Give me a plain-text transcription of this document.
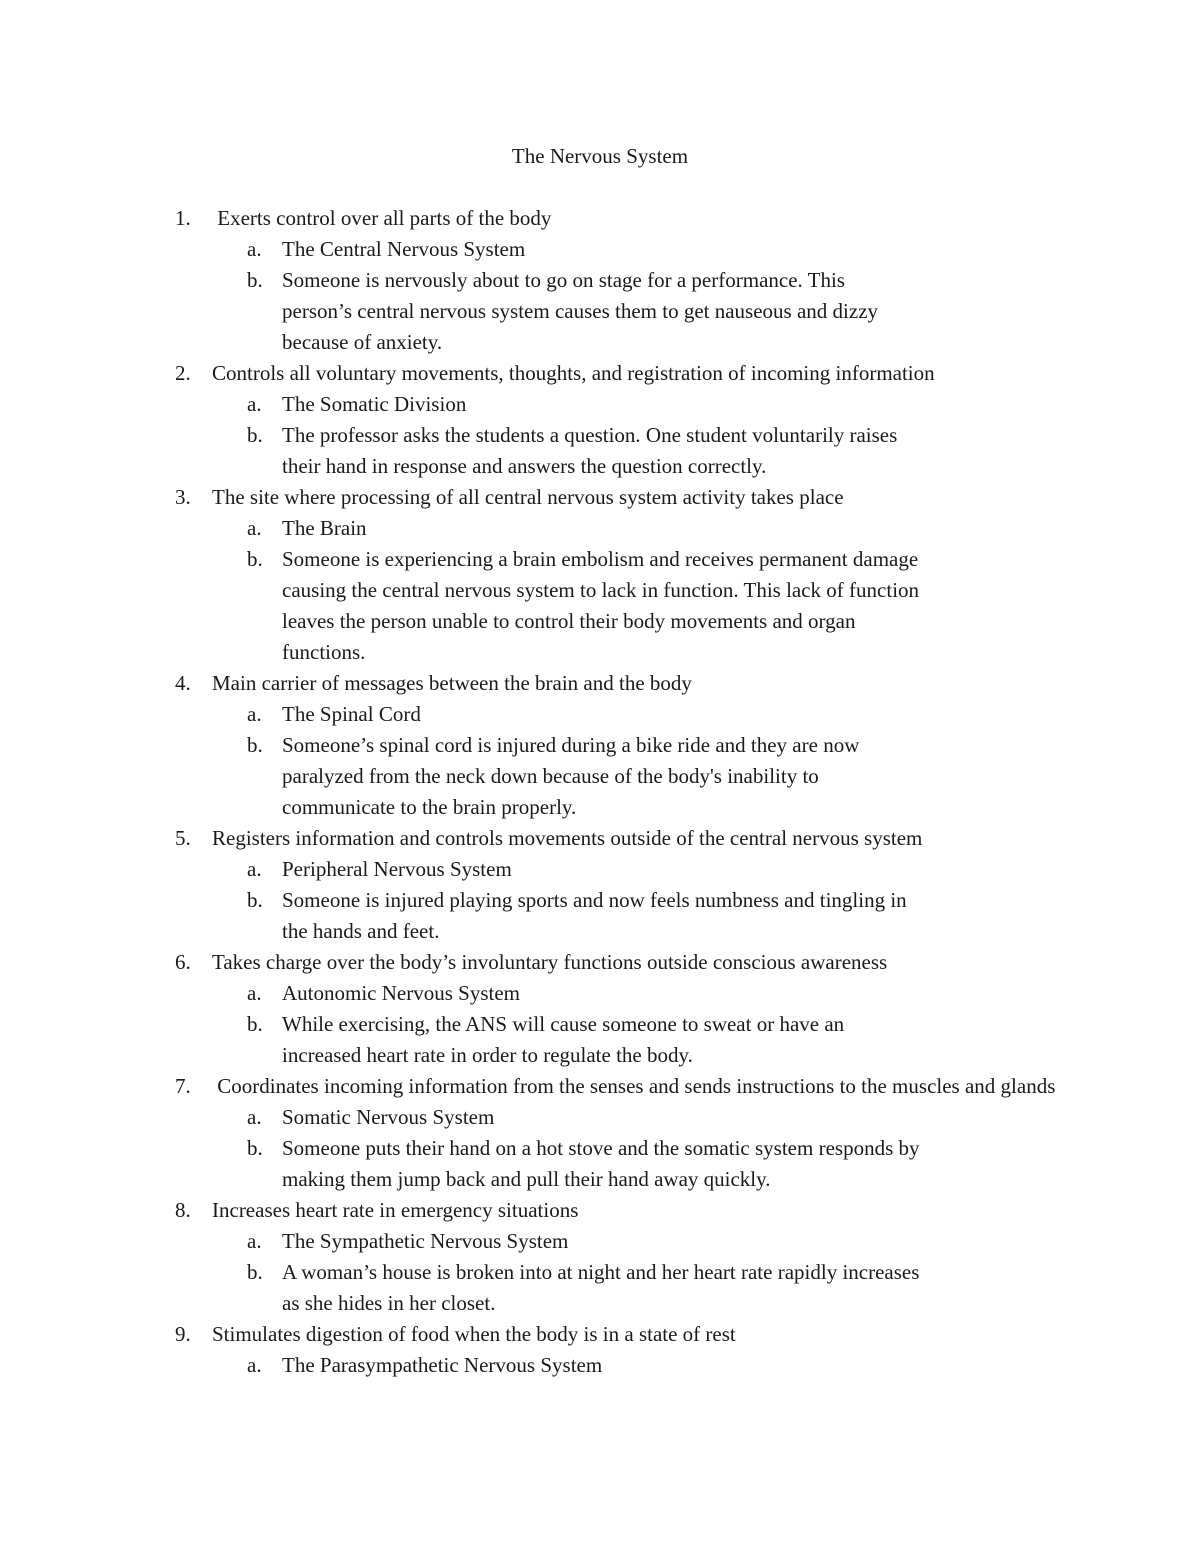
The Nervous System
1.	Exerts control over all parts of the body
a. The Central Nervous System
b. Someone is nervously about to go on stage for a performance. This person’s central nervous system causes them to get nauseous and dizzy because of anxiety.
2.	Controls all voluntary movements, thoughts, and registration of incoming information
a. The Somatic Division
b. The professor asks the students a question. One student voluntarily raises their hand in response and answers the question correctly.
3.	The site where processing of all central nervous system activity takes place
a. The Brain
b. Someone is experiencing a brain embolism and receives permanent damage causing the central nervous system to lack in function. This lack of function leaves the person unable to control their body movements and organ functions.
4.	Main carrier of messages between the brain and the body
a. The Spinal Cord
b. Someone’s spinal cord is injured during a bike ride and they are now paralyzed from the neck down because of the body's inability to communicate to the brain properly.
5.	Registers information and controls movements outside of the central nervous system
a. Peripheral Nervous System
b. Someone is injured playing sports and now feels numbness and tingling in the hands and feet.
6.	Takes charge over the body’s involuntary functions outside conscious awareness
a. Autonomic Nervous System
b. While exercising, the ANS will cause someone to sweat or have an increased heart rate in order to regulate the body.
7.	Coordinates incoming information from the senses and sends instructions to the muscles and glands
a. Somatic Nervous System
b. Someone puts their hand on a hot stove and the somatic system responds by making them jump back and pull their hand away quickly.
8.	Increases heart rate in emergency situations
a. The Sympathetic Nervous System
b. A woman’s house is broken into at night and her heart rate rapidly increases as she hides in her closet.
9.	Stimulates digestion of food when the body is in a state of rest
a. The Parasympathetic Nervous System
